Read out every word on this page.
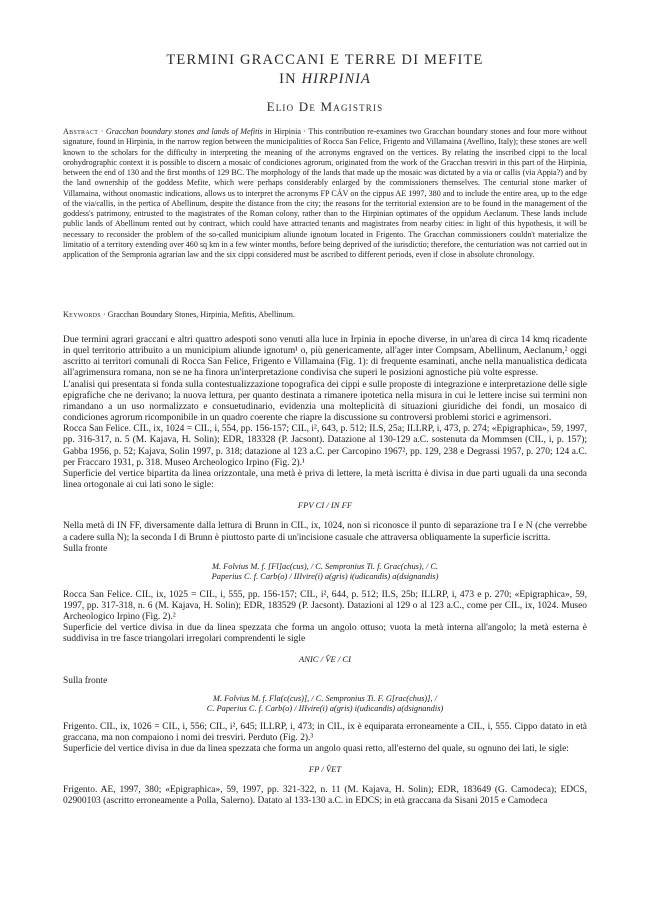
TERMINI GRACCANI E TERRE DI MEFITE
IN HIRPINIA
Elio De Magistris
Abstract · Gracchan boundary stones and lands of Mefitis in Hirpinia · This contribution re-examines two Gracchan boundary stones and four more without signature, found in Hirpinia, in the narrow region between the municipalities of Rocca San Felice, Frigento and Villamaina (Avellino, Italy); these stones are well known to the scholars for the difficulty in interpreting the meaning of the acronyms engraved on the vertices. By relating the inscribed cippi to the local orohydrographic context it is possible to discern a mosaic of condiciones agrorum, originated from the work of the Gracchan tresviri in this part of the Hirpinia, between the end of 130 and the first months of 129 BC. The morphology of the lands that made up the mosaic was dictated by a via or callis (via Appia?) and by the land ownership of the goddess Mefite, which were perhaps considerably enlarged by the commissioners themselves. The centurial stone marker of Villamaina, without onomastic indications, allows us to interpret the acronyms FP CÁV on the cippus AE 1997, 380 and to include the entire area, up to the edge of the via/callis, in the pertica of Abellinum, despite the distance from the city; the reasons for the territorial extension are to be found in the management of the goddess's patrimony, entrusted to the magistrates of the Roman colony, rather than to the Hirpinian optimates of the oppidum Aeclanum. These lands include public lands of Abellinum rented out by contract, which could have attracted tenants and magistrates from nearby cities: in light of this hypothesis, it will be necessary to reconsider the problem of the so-called municipium aliunde ignotum located in Frigento. The Gracchan commissioners couldn't materialize the limitatio of a territory extending over 460 sq km in a few winter months, before being deprived of the iurisdictio; therefore, the centuriation was not carried out in application of the Sempronia agrarian law and the six cippi considered must be ascribed to different periods, even if close in absolute chronology.
Keywords · Gracchan Boundary Stones, Hirpinia, Mefitis, Abellinum.

Due termini agrari graccani e altri quattro adespoti sono venuti alla luce in Irpinia in epoche diverse, in un'area di circa 14 kmq ricadente in quel territorio attribuito a un municipium aliunde ignotum¹ o, più genericamente, all'ager inter Compsam, Abellinum, Aeclanum,² oggi ascritto ai territori comunali di Rocca San Felice, Frigento e Villamaina (Fig. 1): di frequente esaminati, anche nella manualistica dedicata all'agrimensura romana, non se ne ha finora un'interpretazione condivisa che superi le posizioni agnostiche più volte espresse.

L'analisi qui presentata si fonda sulla contestualizzazione topografica dei cippi e sulle proposte di integrazione e interpretazione delle sigle epigrafiche che ne derivano; la nuova lettura, per quanto destinata a rimanere ipotetica nella misura in cui le lettere incise sui termini non rimandano a un uso normalizzato e consuetudinario, evidenzia una molteplicità di situazioni giuridiche dei fondi, un mosaico di condiciones agrorum ricomponibile in un quadro coerente che riapre la discussione su controversi problemi storici e agrimensori.

Rocca San Felice. CIL, ix, 1024 = CIL, i, 554, pp. 156-157; CIL, i², 643, p. 512; ILS, 25a; ILLRP, i, 473, p. 274; «Epigraphica», 59, 1997, pp. 316-317, n. 5 (M. Kajava, H. Solin); EDR, 183328 (P. Jacsont). Datazione al 130-129 a.C. sostenuta da Mommsen (CIL, i, p. 157); Gabba 1956, p. 52; Kajava, Solin 1997, p. 318; datazione al 123 a.C. per Carcopino 1967², pp. 129, 238 e Degrassi 1957, p. 270; 124 a.C. per Fraccaro 1931, p. 318. Museo Archeologico Irpino (Fig. 2).¹

Superficie del vertice bipartita da linea orizzontale, una metà è priva di lettere, la metà iscritta è divisa in due parti uguali da una seconda linea ortogonale ai cui lati sono le sigle:

FPV CI / IN FF

Nella metà di IN FF, diversamente dalla lettura di Brunn in CIL, ix, 1024, non si riconosce il punto di separazione tra I e N (che verrebbe a cadere sulla N); la seconda I di Brunn è piuttosto parte di un'incisione casuale che attraversa obliquamente la superficie iscritta.

Sulla fronte

M. Folvius M. f. [Fl]ac(cus), / C. Sempronius Ti. f. Grac(chus), / C.
Paperius C. f. Carb(o) / IIIvire(i) a(gris) i(udicandis) a(dsignandis)

Rocca San Felice. CIL, ix, 1025 = CIL, i, 555, pp. 156-157; CIL, i², 644, p. 512; ILS, 25b; ILLRP, i, 473 e p. 270; «Epigraphica», 59, 1997, pp. 317-318, n. 6 (M. Kajava, H. Solin); EDR, 183529 (P. Jacsont). Datazioni al 129 o al 123 a.C., come per CIL, ix, 1024. Museo Archeologico Irpino (Fig. 2).²

Superficie del vertice divisa in due da linea spezzata che forma un angolo ottuso; vuota la metà interna all'angolo; la metà esterna è suddivisa in tre fasce triangolari irregolari comprendenti le sigle

ANIC / V̂E / CI

Sulla fronte

M. Folvius M. f. Fla(c(cus)], / C. Sempronius Ti. F. G[rac(chus)], /
C. Paperius C. f. Carb(o) / IIIvire(i) a(gris) i(udicandis) a(dsignandis)

Frigento. CIL, ix, 1026 = CIL, i, 556; CIL, i², 645; ILLRP, i, 473; in CIL, ix è equiparata erroneamente a CIL, i, 555. Cippo datato in età graccana, ma non compaiono i nomi dei tresviri. Perduto (Fig. 2).³

Superficie del vertice divisa in due da linea spezzata che forma un angolo quasi retto, all'esterno del quale, su ognuno dei lati, le sigle:

FP / V̂ET

Frigento. AE, 1997, 380; «Epigraphica», 59, 1997, pp. 321-322, n. 11 (M. Kajava, H. Solin); EDR, 183649 (G. Camodeca); EDCS, 02900103 (ascritto erroneamente a Polla, Salerno). Datato al 133-130 a.C. in EDCS; in età graccana da Sisani 2015 e Camodeca
